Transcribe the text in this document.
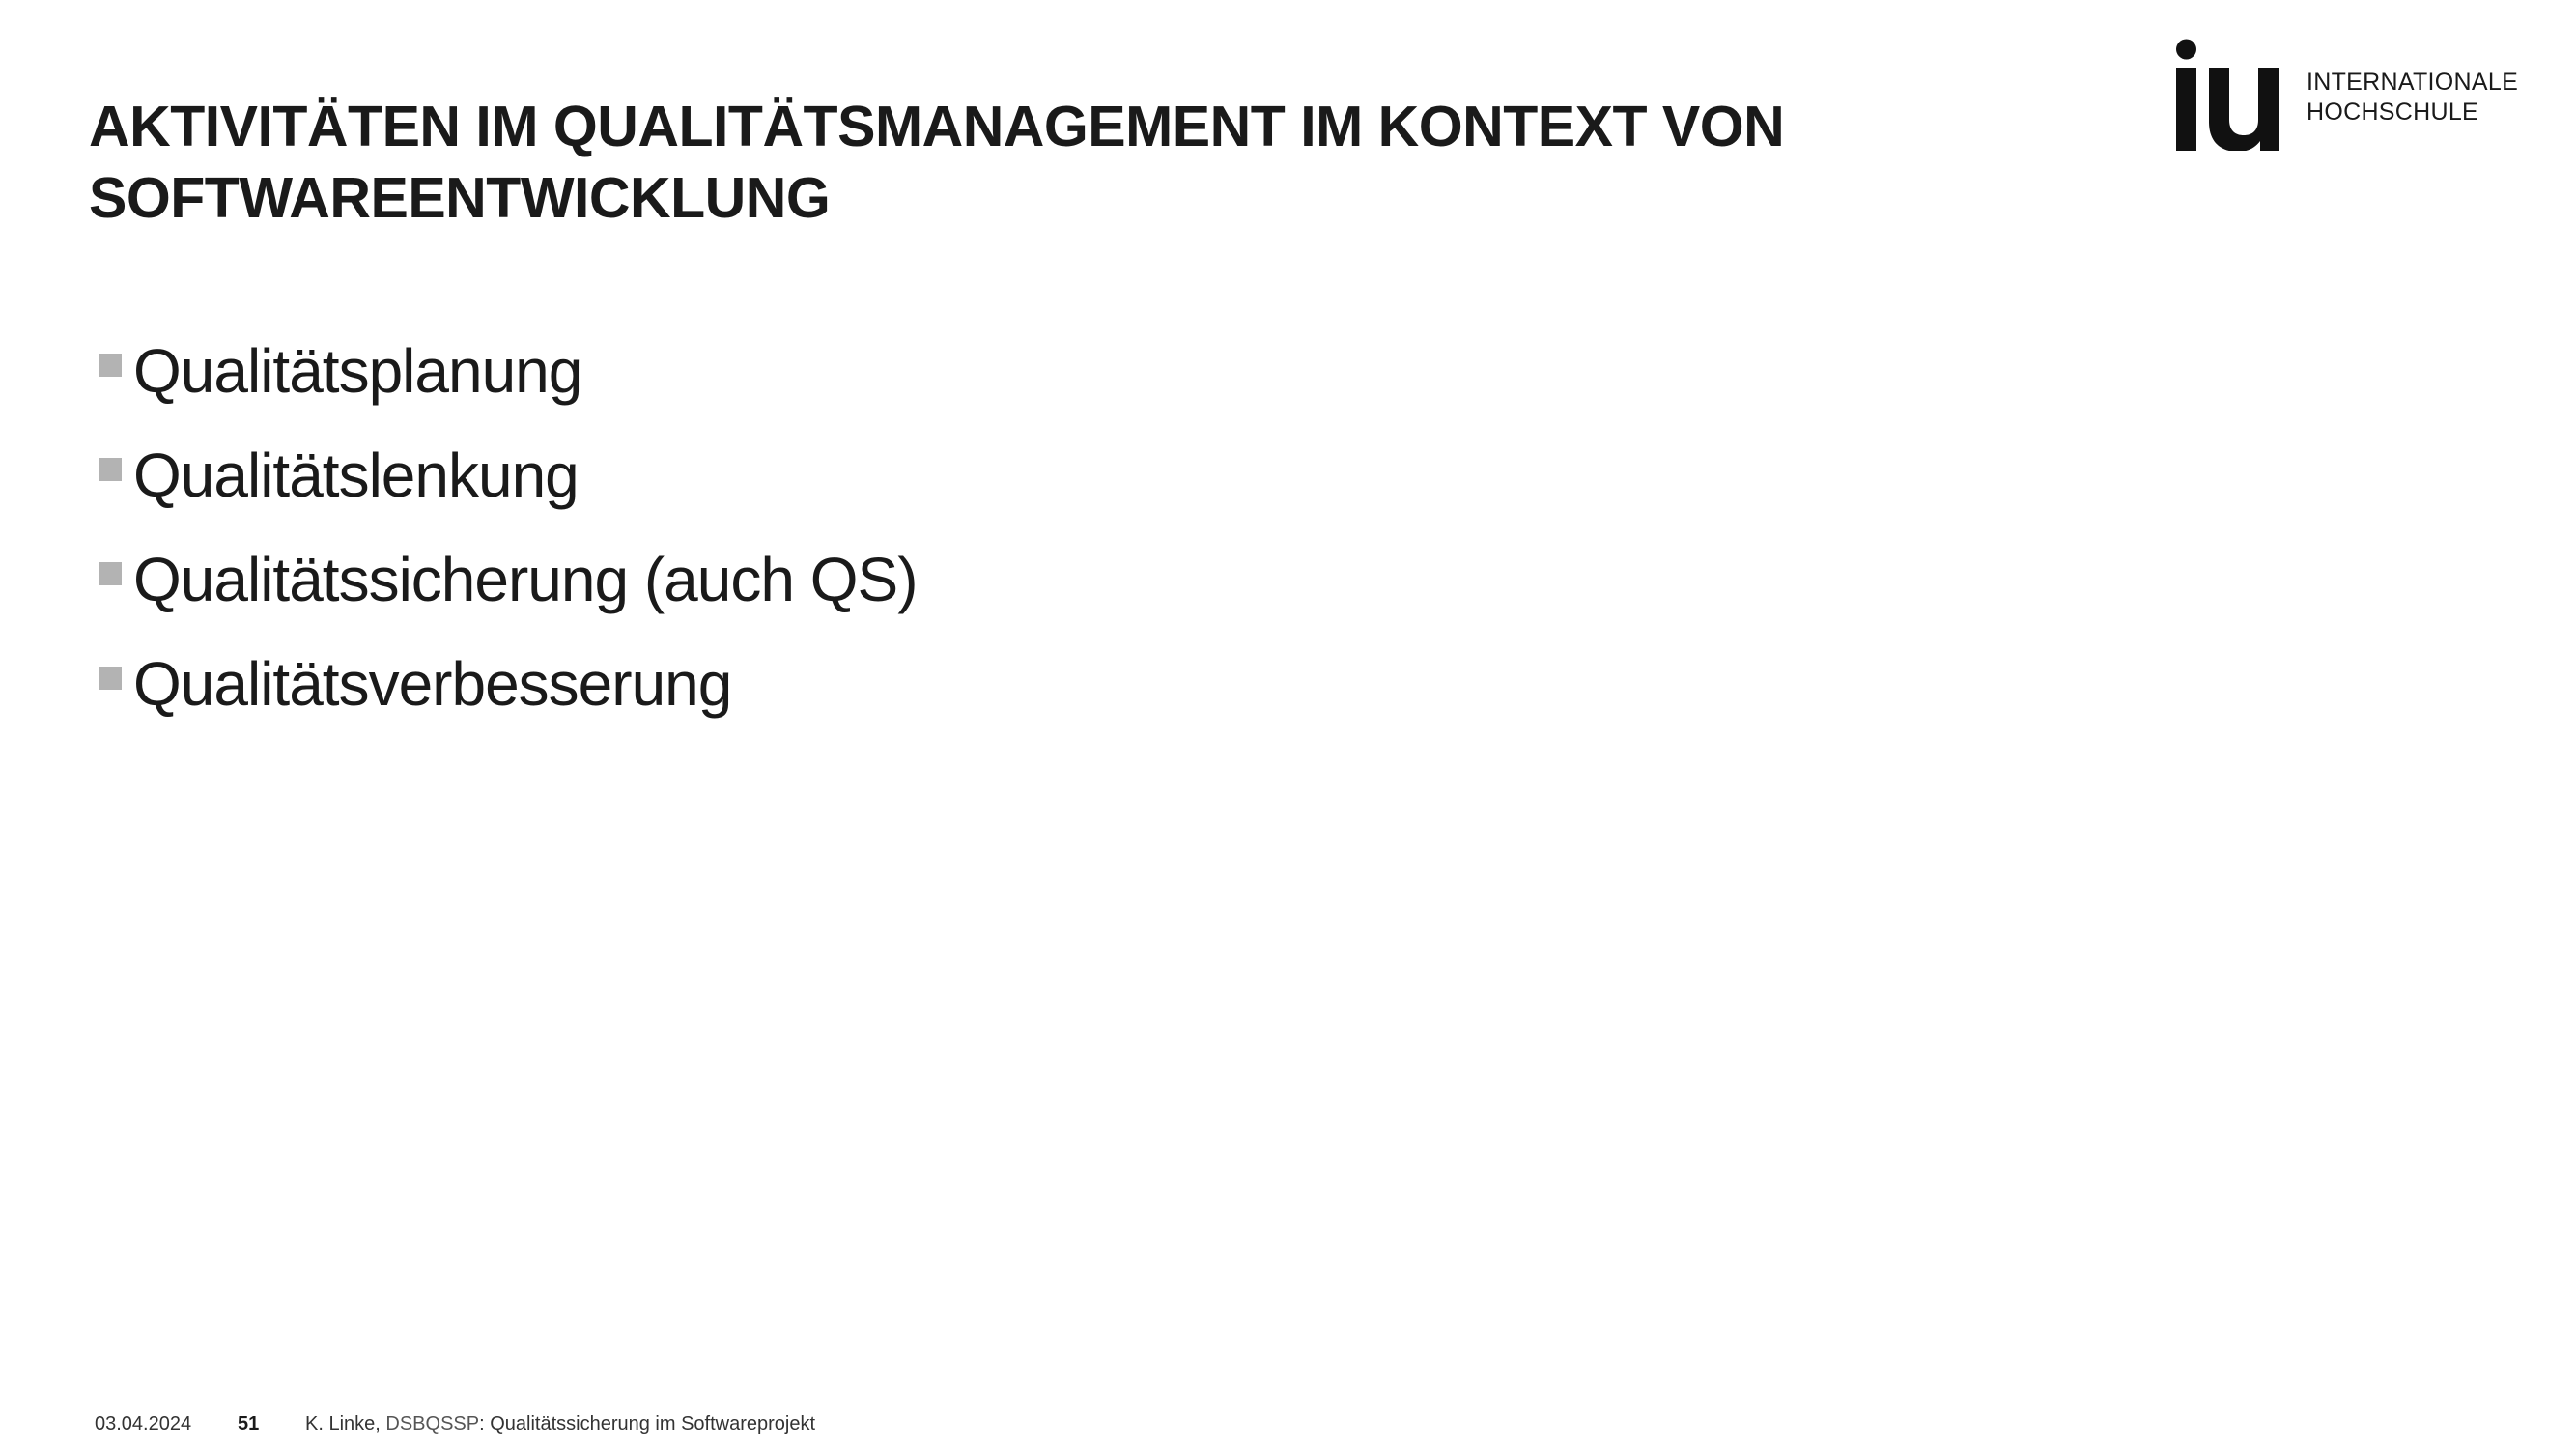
AKTIVITÄTEN IM QUALITÄTSMANAGEMENT IM KONTEXT VON
SOFTWAREENTWICKLUNG
INTERNATIONALE
HOCHSCHULE
Qualitätsplanung
Qualitätslenkung
Qualitätssicherung (auch QS)
Qualitätsverbesserung
03.04.2024 51 K. Linke, DSBQSSP: Qualitätssicherung im Softwareprojekt
